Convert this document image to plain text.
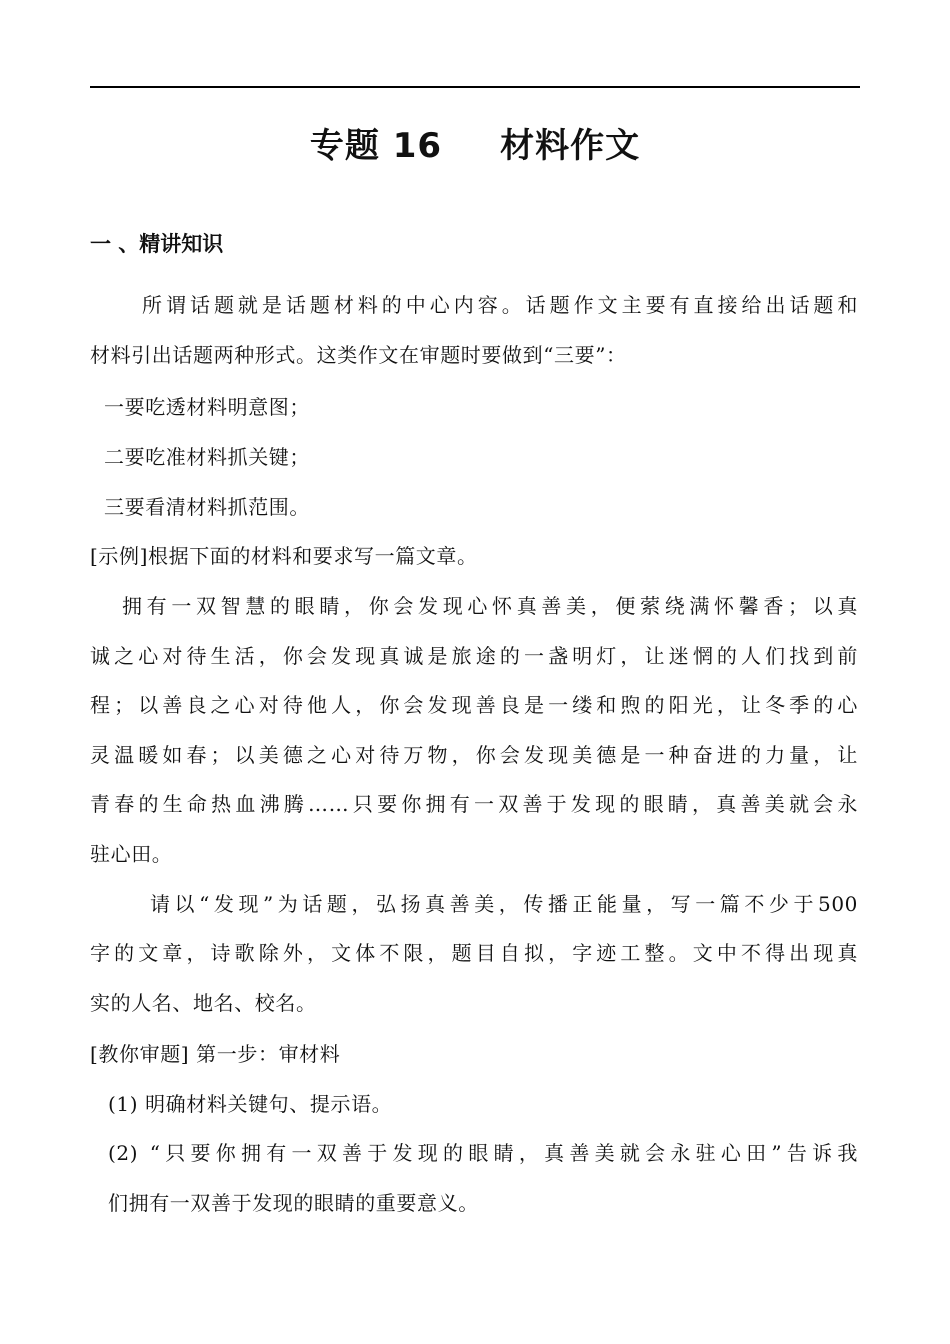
专题 16 材料作文
一 、精讲知识
所谓话题就是话题材料的中心内容。话题作文主要有直接给出话题和
材料引出话题两种形式。这类作文在审题时要做到“三要”：
一要吃透材料明意图；
二要吃准材料抓关键；
三要看清材料抓范围。
[示例]根据下面的材料和要求写一篇文章。
拥有一双智慧的眼睛，你会发现心怀真善美，便萦绕满怀馨香；以真
诚之心对待生活，你会发现真诚是旅途的一盏明灯，让迷惘的人们找到前
程；以善良之心对待他人，你会发现善良是一缕和煦的阳光，让冬季的心
灵温暖如春；以美德之心对待万物，你会发现美德是一种奋进的力量，让
青春的生命热血沸腾……只要你拥有一双善于发现的眼睛，真善美就会永
驻心田。
请以“发现”为话题，弘扬真善美，传播正能量，写一篇不少于500
字的文章，诗歌除外，文体不限，题目自拟，字迹工整。文中不得出现真
实的人名、地名、校名。
[教你审题] 第一步：审材料
(1) 明确材料关键句、提示语。
(2) “只要你拥有一双善于发现的眼睛，真善美就会永驻心田”告诉我
们拥有一双善于发现的眼睛的重要意义。
